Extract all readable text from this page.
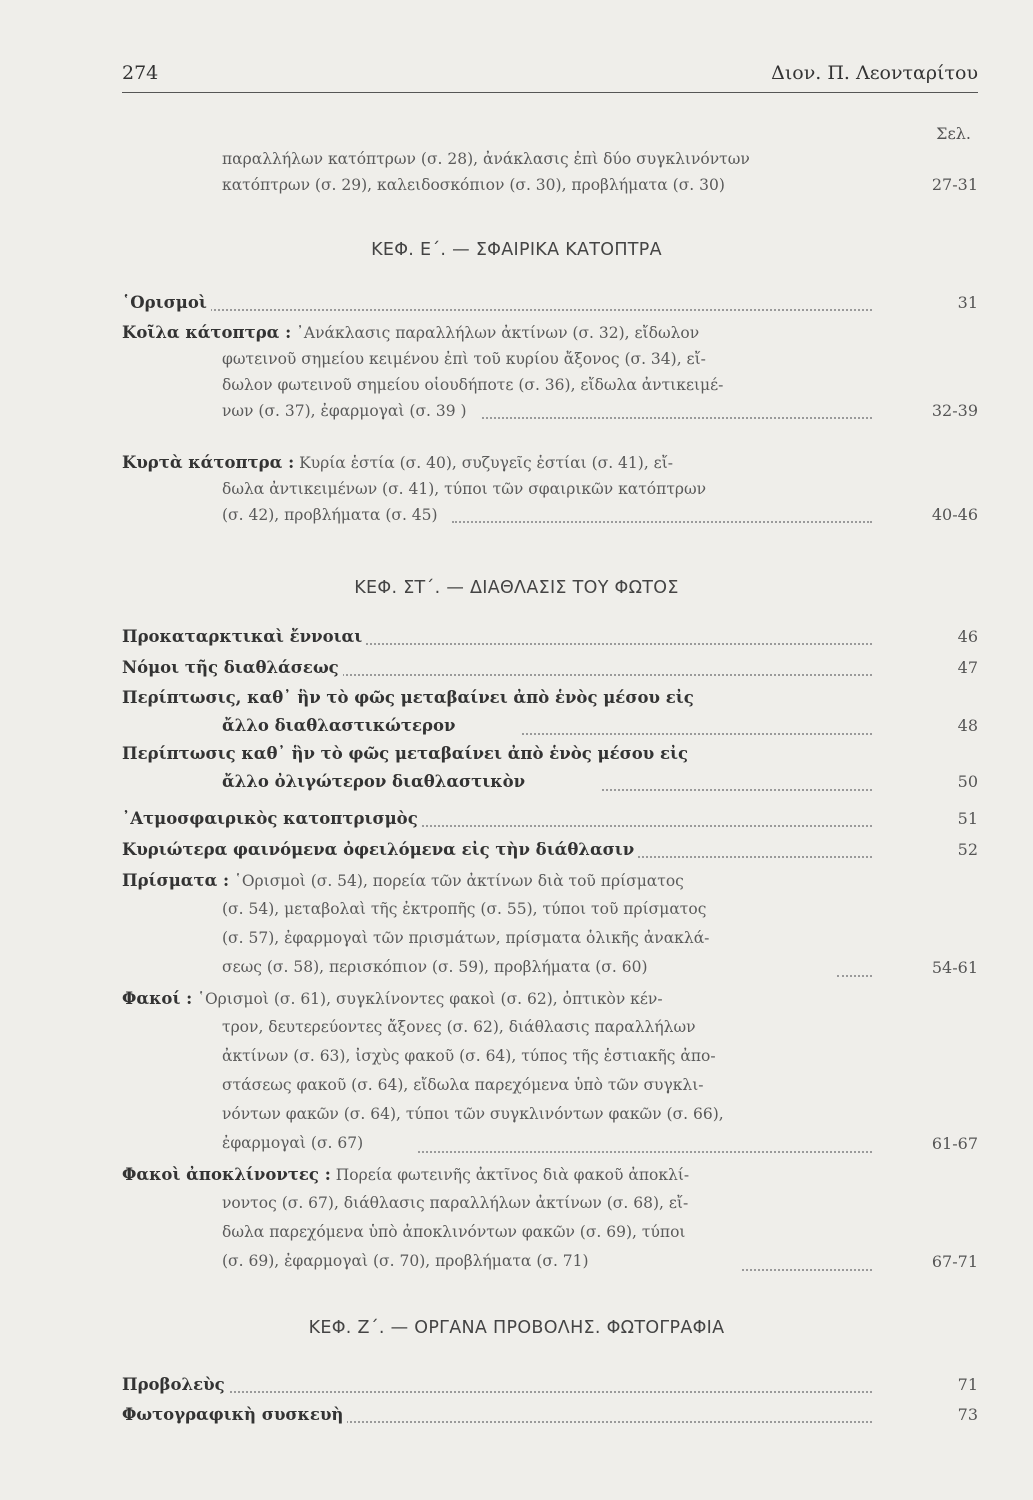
274	Διον. Π. Λεονταρίτου
Σελ.
παραλλήλων κατόπτρων (σ. 28), ἀνάκλασις ἐπὶ δύο συγκλινόντων
κατόπτρων (σ. 29), καλειδοσκόπιον (σ. 30), προβλήματα (σ. 30)	27-31
ΚΕΦ. Ε΄. — ΣΦΑΙΡΙΚΑ ΚΑΤΟΠΤΡΑ
῾Ορισμοὶ	31
Κοῖλα κάτοπτρα : ᾿Ανάκλασις παραλλήλων ἀκτίνων (σ. 32), εἴδωλον
φωτεινοῦ σημείου κειμένου ἐπὶ τοῦ κυρίου ἄξονος (σ. 34), εἴ-
δωλον φωτεινοῦ σημείου οἱουδήποτε (σ. 36), εἴδωλα ἀντικειμέ-
νων (σ. 37), ἐφαρμογαὶ (σ. 39 )	32-39
Κυρτὰ κάτοπτρα : Κυρία ἑστία (σ. 40), συζυγεῖς ἑστίαι (σ. 41), εἴ-
δωλα ἀντικειμένων (σ. 41), τύποι τῶν σφαιρικῶν κατόπτρων
(σ. 42), προβλήματα (σ. 45)	40-46
ΚΕΦ. ΣΤ΄. — ΔΙΑΘΛΑΣΙΣ ΤΟΥ ΦΩΤΟΣ
Προκαταρκτικαὶ ἔννοιαι	46
Νόμοι τῆς διαθλάσεως	47
Περίπτωσις, καθ᾿ ἣν τὸ φῶς μεταβαίνει ἀπὸ ἑνὸς μέσου εἰς
ἄλλο διαθλαστικώτερον	48
Περίπτωσις καθ᾿ ἣν τὸ φῶς μεταβαίνει ἀπὸ ἑνὸς μέσου εἰς
ἄλλο ὀλιγώτερον διαθλαστικὸν	50
᾿Ατμοσφαιρικὸς κατοπτρισμὸς	51
Κυριώτερα φαινόμενα ὀφειλόμενα εἰς τὴν διάθλασιν	52
Πρίσματα : ῾Ορισμοὶ (σ. 54), πορεία τῶν ἀκτίνων διὰ τοῦ πρίσματος
(σ. 54), μεταβολαὶ τῆς ἐκτροπῆς (σ. 55), τύποι τοῦ πρίσματος
(σ. 57), ἐφαρμογαὶ τῶν πρισμάτων, πρίσματα ὁλικῆς ἀνακλά-
σεως (σ. 58), περισκόπιον (σ. 59), προβλήματα (σ. 60)	54-61
Φακοί : ῾Ορισμοὶ (σ. 61), συγκλίνοντες φακοὶ (σ. 62), ὀπτικὸν κέν-
τρον, δευτερεύοντες ἄξονες (σ. 62), διάθλασις παραλλήλων
ἀκτίνων (σ. 63), ἰσχὺς φακοῦ (σ. 64), τύπος τῆς ἑστιακῆς ἀπο-
στάσεως φακοῦ (σ. 64), εἴδωλα παρεχόμενα ὑπὸ τῶν συγκλι-
νόντων φακῶν (σ. 64), τύποι τῶν συγκλινόντων φακῶν (σ. 66),
ἐφαρμογαὶ (σ. 67)	61-67
Φακοὶ ἀποκλίνοντες : Πορεία φωτεινῆς ἀκτῖνος διὰ φακοῦ ἀποκλί-
νοντος (σ. 67), διάθλασις παραλλήλων ἀκτίνων (σ. 68), εἴ-
δωλα παρεχόμενα ὑπὸ ἀποκλινόντων φακῶν (σ. 69), τύποι
(σ. 69), ἐφαρμογαὶ (σ. 70), προβλήματα (σ. 71)	67-71
ΚΕΦ. Ζ΄. — ΟΡΓΑΝΑ ΠΡΟΒΟΛΗΣ. ΦΩΤΟΓΡΑΦΙΑ
Προβολεὺς	71
Φωτογραφικὴ συσκευὴ	73
